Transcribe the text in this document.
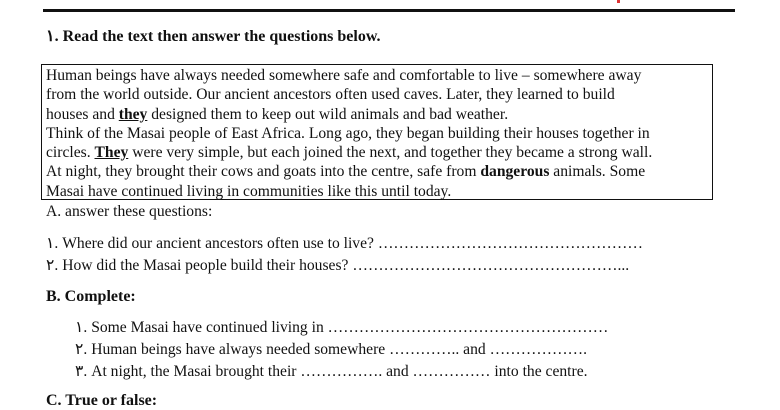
١. Read the text then answer the questions below.
Human beings have always needed somewhere safe and comfortable to live – somewhere away
from the world outside. Our ancient ancestors often used caves. Later, they learned to build
houses and they designed them to keep out wild animals and bad weather.
Think of the Masai people of East Africa. Long ago, they began building their houses together in
circles. They were very simple, but each joined the next, and together they became a strong wall.
At night, they brought their cows and goats into the centre, safe from dangerous animals. Some
Masai have continued living in communities like this until today.
A. answer these questions:
١. Where did our ancient ancestors often use to live? ……………………………………………
٢. How did the Masai people build their houses? ……………………………………………...
B. Complete:
١. Some Masai have continued living in ………………………………………………
٢. Human beings have always needed somewhere ………….. and ……………….
٣. At night, the Masai brought their ……………. and …………… into the centre.
C. True or false:
